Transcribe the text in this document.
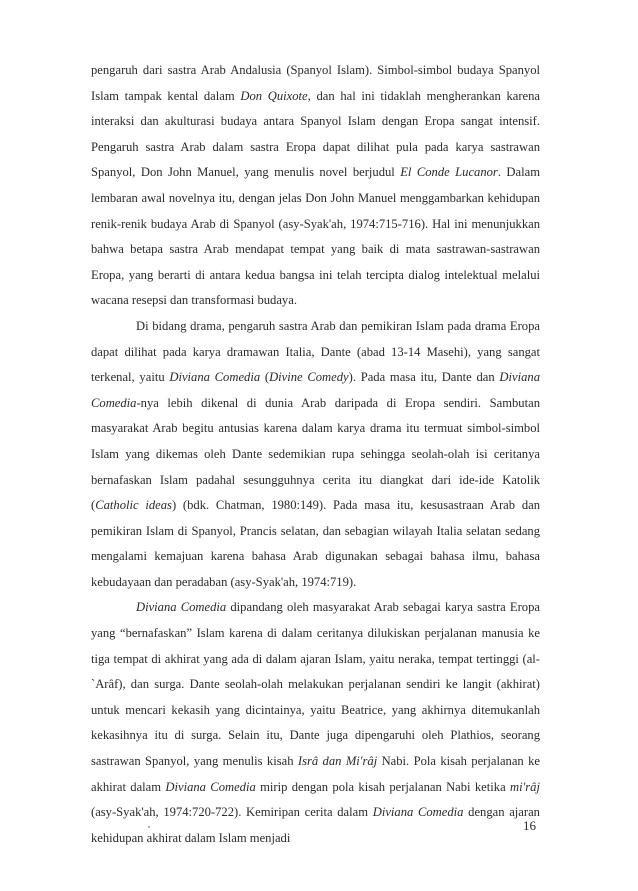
pengaruh dari sastra Arab Andalusia (Spanyol Islam). Simbol-simbol budaya Spanyol Islam tampak kental dalam Don Quixote, dan hal ini tidaklah mengherankan karena interaksi dan akulturasi budaya antara Spanyol Islam dengan Eropa sangat intensif. Pengaruh sastra Arab dalam sastra Eropa dapat dilihat pula pada karya sastrawan Spanyol, Don John Manuel, yang menulis novel berjudul El Conde Lucanor. Dalam lembaran awal novelnya itu, dengan jelas Don John Manuel menggambarkan kehidupan renik-renik budaya Arab di Spanyol (asy-Syak'ah, 1974:715-716). Hal ini menunjukkan bahwa betapa sastra Arab mendapat tempat yang baik di mata sastrawan-sastrawan Eropa, yang berarti di antara kedua bangsa ini telah tercipta dialog intelektual melalui wacana resepsi dan transformasi budaya.

Di bidang drama, pengaruh sastra Arab dan pemikiran Islam pada drama Eropa dapat dilihat pada karya dramawan Italia, Dante (abad 13-14 Masehi), yang sangat terkenal, yaitu Diviana Comedia (Divine Comedy). Pada masa itu, Dante dan Diviana Comedia-nya lebih dikenal di dunia Arab daripada di Eropa sendiri. Sambutan masyarakat Arab begitu antusias karena dalam karya drama itu termuat simbol-simbol Islam yang dikemas oleh Dante sedemikian rupa sehingga seolah-olah isi ceritanya bernafaskan Islam padahal sesungguhnya cerita itu diangkat dari ide-ide Katolik (Catholic ideas) (bdk. Chatman, 1980:149). Pada masa itu, kesusastraan Arab dan pemikiran Islam di Spanyol, Prancis selatan, dan sebagian wilayah Italia selatan sedang mengalami kemajuan karena bahasa Arab digunakan sebagai bahasa ilmu, bahasa kebudayaan dan peradaban (asy-Syak'ah, 1974:719).

Diviana Comedia dipandang oleh masyarakat Arab sebagai karya sastra Eropa yang “bernafaskan” Islam karena di dalam ceritanya dilukiskan perjalanan manusia ke tiga tempat di akhirat yang ada di dalam ajaran Islam, yaitu neraka, tempat tertinggi (al-`Arâf), dan surga. Dante seolah-olah melakukan perjalanan sendiri ke langit (akhirat) untuk mencari kekasih yang dicintainya, yaitu Beatrice, yang akhirnya ditemukanlah kekasihnya itu di surga. Selain itu, Dante juga dipengaruhi oleh Plathios, seorang sastrawan Spanyol, yang menulis kisah Isrâ dan Mi'râj Nabi. Pola kisah perjalanan ke akhirat dalam Diviana Comedia mirip dengan pola kisah perjalanan Nabi ketika mi'râj (asy-Syak'ah, 1974:720-722). Kemiripan cerita dalam Diviana Comedia dengan ajaran kehidupan akhirat dalam Islam menjadi

16
